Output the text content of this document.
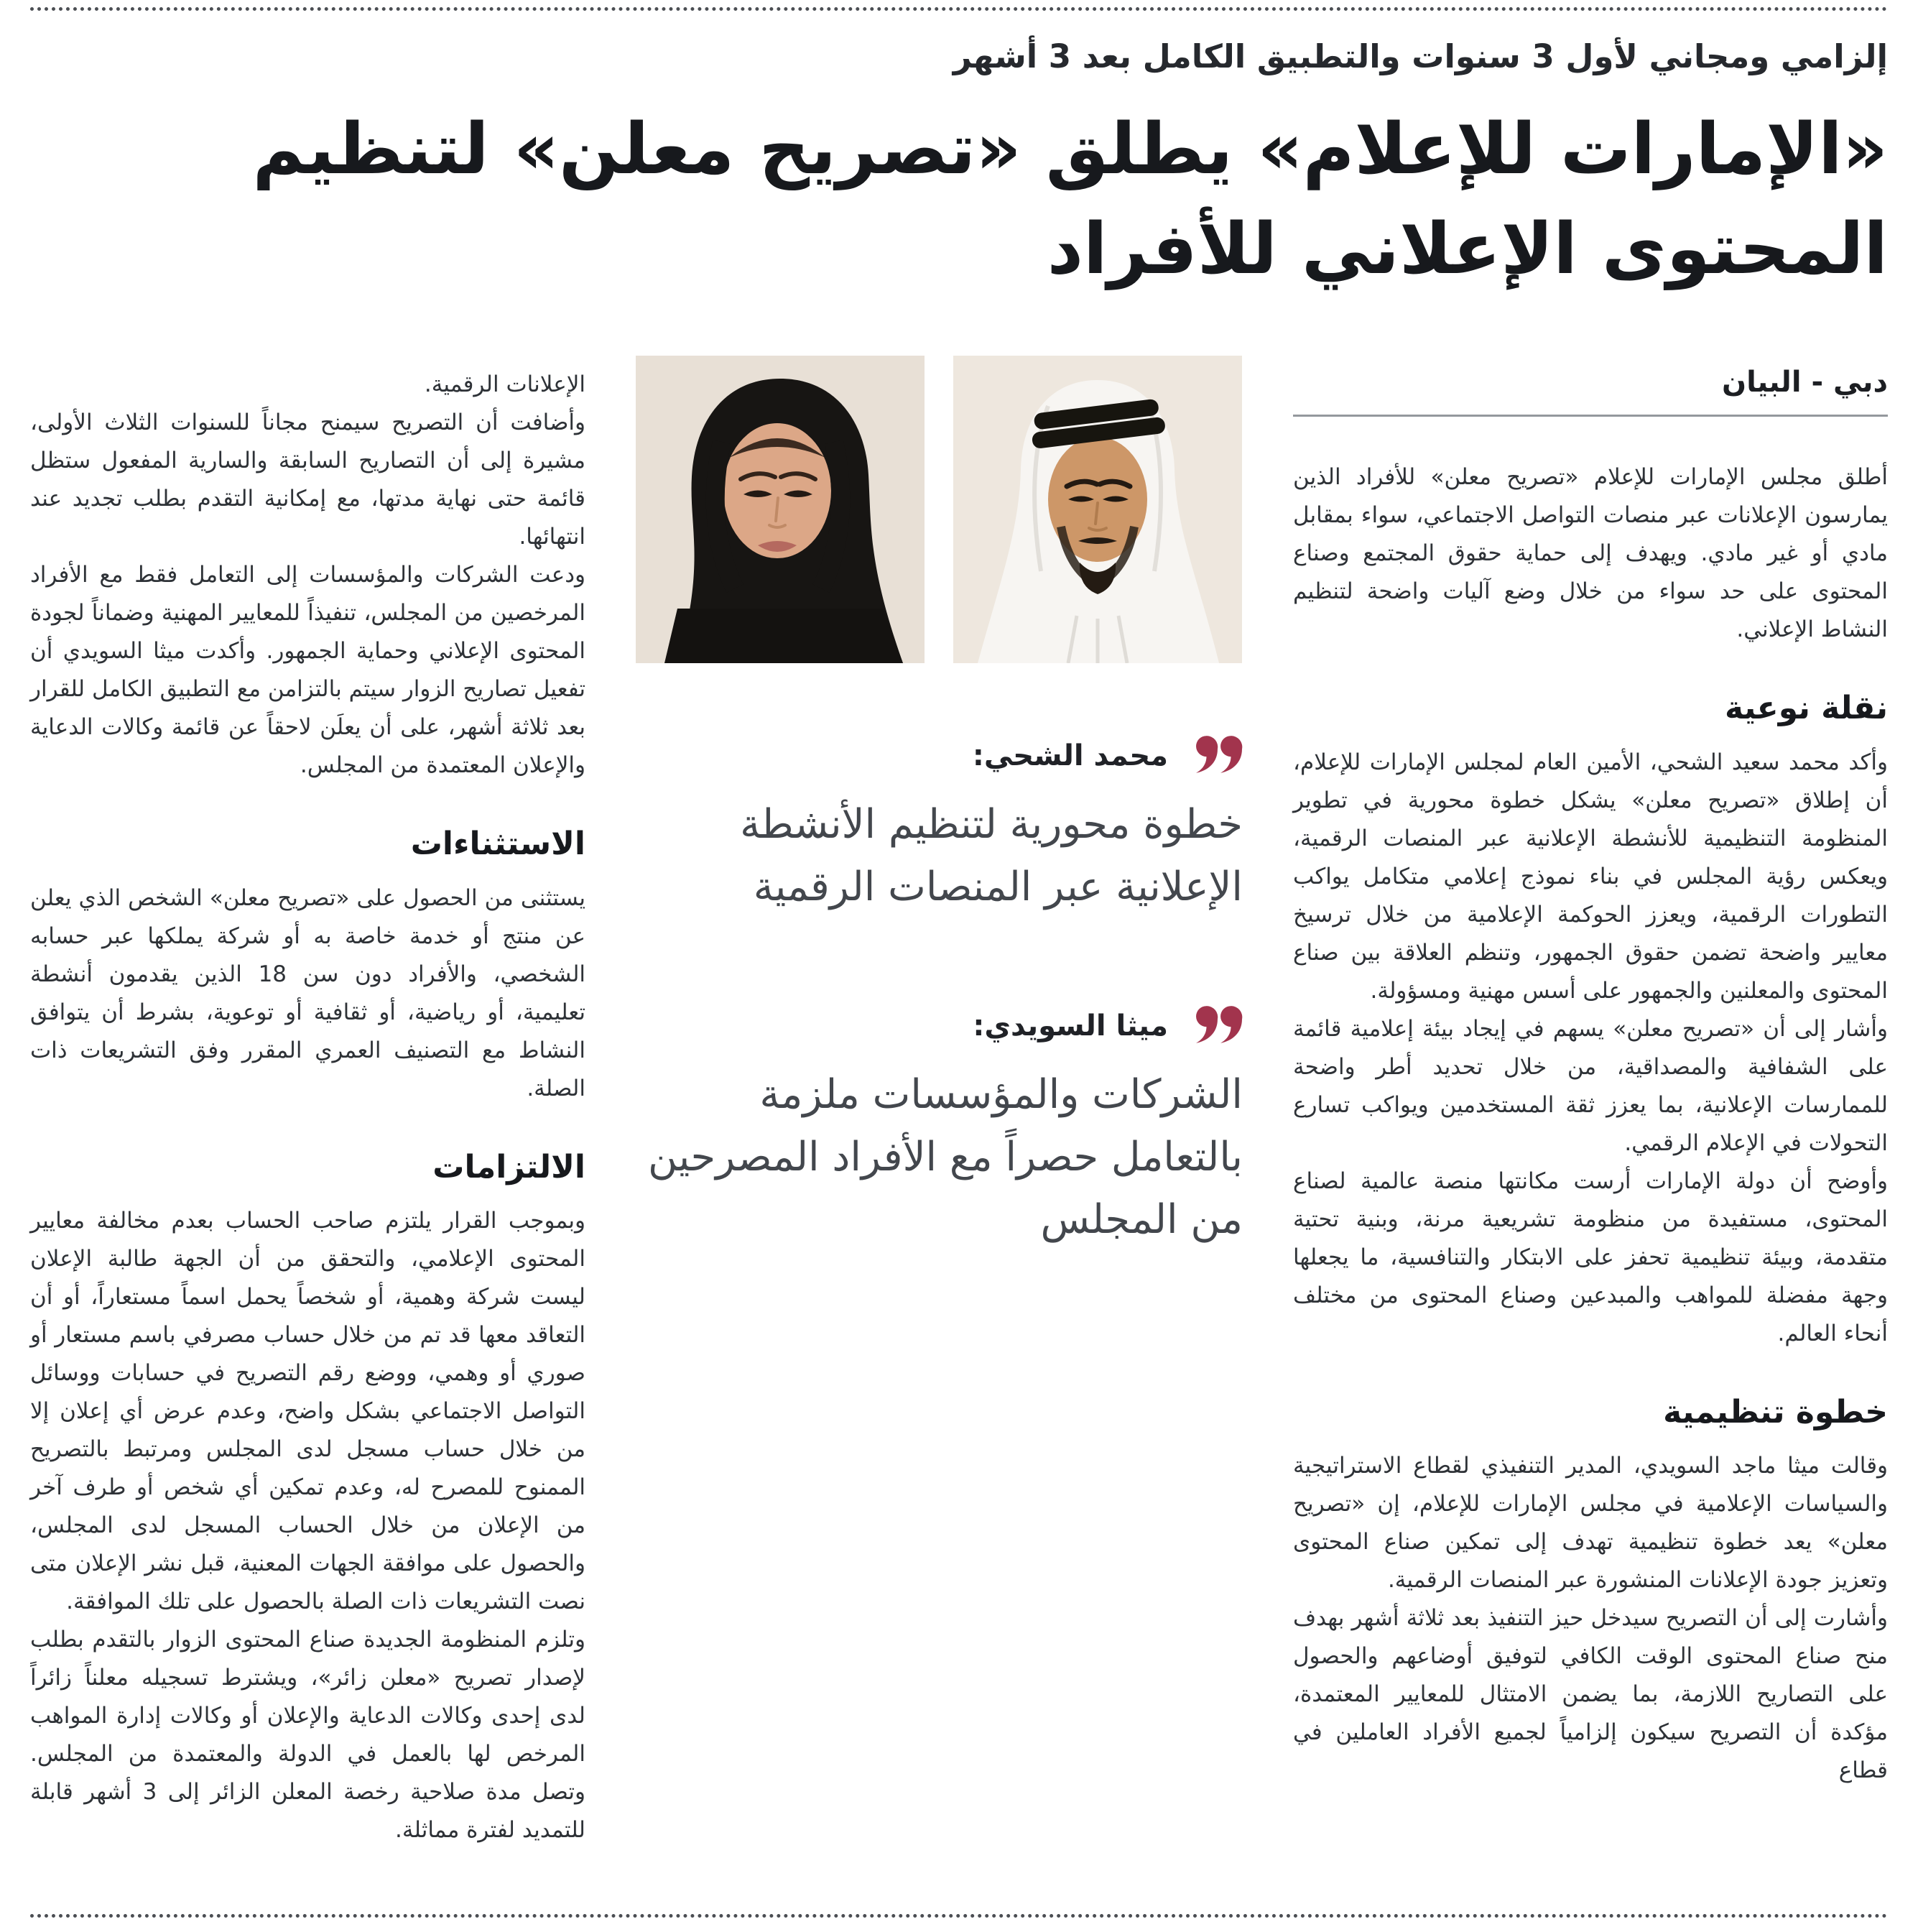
إلزامي ومجاني لأول 3 سنوات والتطبيق الكامل بعد 3 أشهر
«الإمارات للإعلام» يطلق «تصريح معلن» لتنظيم
المحتوى الإعلاني للأفراد
دبي - البيان

أطلق مجلس الإمارات للإعلام «تصريح معلن» للأفراد الذين يمارسون الإعلانات عبر منصات التواصل الاجتماعي، سواء بمقابل مادي أو غير مادي. ويهدف إلى حماية حقوق المجتمع وصناع المحتوى على حد سواء من خلال وضع آليات واضحة لتنظيم النشاط الإعلاني.

نقلة نوعية

وأكد محمد سعيد الشحي، الأمين العام لمجلس الإمارات للإعلام، أن إطلاق «تصريح معلن» يشكل خطوة محورية في تطوير المنظومة التنظيمية للأنشطة الإعلانية عبر المنصات الرقمية، ويعكس رؤية المجلس في بناء نموذج إعلامي متكامل يواكب التطورات الرقمية، ويعزز الحوكمة الإعلامية من خلال ترسيخ معايير واضحة تضمن حقوق الجمهور، وتنظم العلاقة بين صناع المحتوى والمعلنين والجمهور على أسس مهنية ومسؤولة.

وأشار إلى أن «تصريح معلن» يسهم في إيجاد بيئة إعلامية قائمة على الشفافية والمصداقية، من خلال تحديد أطر واضحة للممارسات الإعلانية، بما يعزز ثقة المستخدمين ويواكب تسارع التحولات في الإعلام الرقمي.

وأوضح أن دولة الإمارات أرست مكانتها منصة عالمية لصناع المحتوى، مستفيدة من منظومة تشريعية مرنة، وبنية تحتية متقدمة، وبيئة تنظيمية تحفز على الابتكار والتنافسية، ما يجعلها وجهة مفضلة للمواهب والمبدعين وصناع المحتوى من مختلف أنحاء العالم.

خطوة تنظيمية

وقالت ميثا ماجد السويدي، المدير التنفيذي لقطاع الاستراتيجية والسياسات الإعلامية في مجلس الإمارات للإعلام، إن «تصريح معلن» يعد خطوة تنظيمية تهدف إلى تمكين صناع المحتوى وتعزيز جودة الإعلانات المنشورة عبر المنصات الرقمية.

وأشارت إلى أن التصريح سيدخل حيز التنفيذ بعد ثلاثة أشهر بهدف منح صناع المحتوى الوقت الكافي لتوفيق أوضاعهم والحصول على التصاريح اللازمة، بما يضمن الامتثال للمعايير المعتمدة، مؤكدة أن التصريح سيكون إلزامياً لجميع الأفراد العاملين في قطاع

محمد الشحي:
خطوة محورية لتنظيم الأنشطة الإعلانية عبر المنصات الرقمية
ميثا السويدي:
الشركات والمؤسسات ملزمة بالتعامل حصراً مع الأفراد المصرحين من المجلس

الإعلانات الرقمية.

وأضافت أن التصريح سيمنح مجاناً للسنوات الثلاث الأولى، مشيرة إلى أن التصاريح السابقة والسارية المفعول ستظل قائمة حتى نهاية مدتها، مع إمكانية التقدم بطلب تجديد عند انتهائها.

ودعت الشركات والمؤسسات إلى التعامل فقط مع الأفراد المرخصين من المجلس، تنفيذاً للمعايير المهنية وضماناً لجودة المحتوى الإعلاني وحماية الجمهور. وأكدت ميثا السويدي أن تفعيل تصاريح الزوار سيتم بالتزامن مع التطبيق الكامل للقرار بعد ثلاثة أشهر، على أن يعلَن لاحقاً عن قائمة وكالات الدعاية والإعلان المعتمدة من المجلس.

الاستثناءات

يستثنى من الحصول على «تصريح معلن» الشخص الذي يعلن عن منتج أو خدمة خاصة به أو شركة يملكها عبر حسابه الشخصي، والأفراد دون سن 18 الذين يقدمون أنشطة تعليمية، أو رياضية، أو ثقافية أو توعوية، بشرط أن يتوافق النشاط مع التصنيف العمري المقرر وفق التشريعات ذات الصلة.

الالتزامات

وبموجب القرار يلتزم صاحب الحساب بعدم مخالفة معايير المحتوى الإعلامي، والتحقق من أن الجهة طالبة الإعلان ليست شركة وهمية، أو شخصاً يحمل اسماً مستعاراً، أو أن التعاقد معها قد تم من خلال حساب مصرفي باسم مستعار أو صوري أو وهمي، ووضع رقم التصريح في حسابات ووسائل التواصل الاجتماعي بشكل واضح، وعدم عرض أي إعلان إلا من خلال حساب مسجل لدى المجلس ومرتبط بالتصريح الممنوح للمصرح له، وعدم تمكين أي شخص أو طرف آخر من الإعلان من خلال الحساب المسجل لدى المجلس، والحصول على موافقة الجهات المعنية، قبل نشر الإعلان متى نصت التشريعات ذات الصلة بالحصول على تلك الموافقة.

وتلزم المنظومة الجديدة صناع المحتوى الزوار بالتقدم بطلب لإصدار تصريح «معلن زائر»، ويشترط تسجيله معلناً زائراً لدى إحدى وكالات الدعاية والإعلان أو وكالات إدارة المواهب المرخص لها بالعمل في الدولة والمعتمدة من المجلس. وتصل مدة صلاحية رخصة المعلن الزائر إلى 3 أشهر قابلة للتمديد لفترة مماثلة.
